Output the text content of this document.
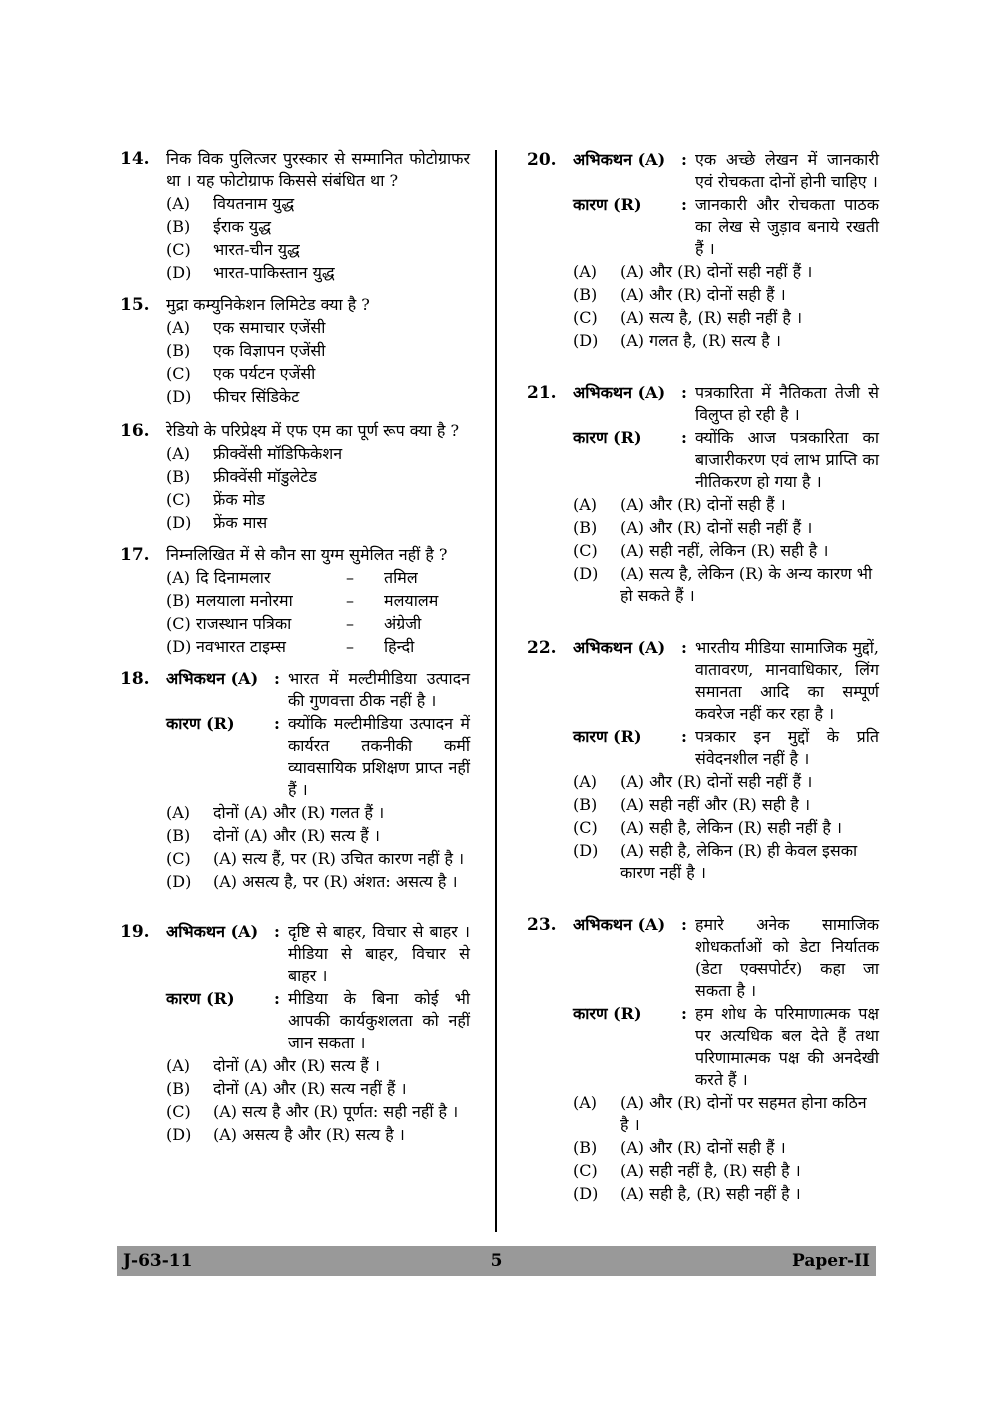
14. निक विक पुलित्जर पुरस्कार से सम्मानित फोटोग्राफर था । यह फोटोग्राफ किससे संबंधित था ?
(A) वियतनाम युद्ध
(B) ईराक युद्ध
(C) भारत-चीन युद्ध
(D) भारत-पाकिस्तान युद्ध
15. मुद्रा कम्युनिकेशन लिमिटेड क्या है ?
(A) एक समाचार एजेंसी
(B) एक विज्ञापन एजेंसी
(C) एक पर्यटन एजेंसी
(D) फीचर सिंडिकेट
16. रेडियो के परिप्रेक्ष्य में एफ एम का पूर्ण रूप क्या है ?
(A) फ्रीक्वेंसी मॉडिफिकेशन
(B) फ्रीक्वेंसी मॉडुलेटेड
(C) फ्रेंक मोड
(D) फ्रेंक मास
17. निम्नलिखित में से कौन सा युग्म सुमेलित नहीं है ?
(A) दि दिनामलार	–	तमिल
(B) मलयाला मनोरमा	–	मलयालम
(C) राजस्थान पत्रिका	–	अंग्रेजी
(D) नवभारत टाइम्स	–	हिन्दी
18. अभिकथन (A) : भारत में मल्टीमीडिया उत्पादन की गुणवत्ता ठीक नहीं है ।
कारण (R) : क्योंकि मल्टीमीडिया उत्पादन में कार्यरत तकनीकी कर्मी व्यावसायिक प्रशिक्षण प्राप्त नहीं हैं ।
(A) दोनों (A) और (R) गलत हैं ।
(B) दोनों (A) और (R) सत्य हैं ।
(C) (A) सत्य हैं, पर (R) उचित कारण नहीं है ।
(D) (A) असत्य है, पर (R) अंशत: असत्य है ।
19. अभिकथन (A) : दृष्टि से बाहर, विचार से बाहर । मीडिया से बाहर, विचार से बाहर ।
कारण (R) : मीडिया के बिना कोई भी आपकी कार्यकुशलता को नहीं जान सकता ।
(A) दोनों (A) और (R) सत्य हैं ।
(B) दोनों (A) और (R) सत्य नहीं हैं ।
(C) (A) सत्य है और (R) पूर्णत: सही नहीं है ।
(D) (A) असत्य है और (R) सत्य है ।
20. अभिकथन (A) : एक अच्छे लेखन में जानकारी एवं रोचकता दोनों होनी चाहिए ।
कारण (R) : जानकारी और रोचकता पाठक का लेख से जुड़ाव बनाये रखती हैं ।
(A) (A) और (R) दोनों सही नहीं हैं ।
(B) (A) और (R) दोनों सही हैं ।
(C) (A) सत्य है, (R) सही नहीं है ।
(D) (A) गलत है, (R) सत्य है ।
21. अभिकथन (A) : पत्रकारिता में नैतिकता तेजी से विलुप्त हो रही है ।
कारण (R) : क्योंकि आज पत्रकारिता का बाजारीकरण एवं लाभ प्राप्ति का नीतिकरण हो गया है ।
(A) (A) और (R) दोनों सही हैं ।
(B) (A) और (R) दोनों सही नहीं हैं ।
(C) (A) सही नहीं, लेकिन (R) सही है ।
(D) (A) सत्य है, लेकिन (R) के अन्य कारण भी हो सकते हैं ।
22. अभिकथन (A) : भारतीय मीडिया सामाजिक मुद्दों, वातावरण, मानवाधिकार, लिंग समानता आदि का सम्पूर्ण कवरेज नहीं कर रहा है ।
कारण (R) : पत्रकार इन मुद्दों के प्रति संवेदनशील नहीं है ।
(A) (A) और (R) दोनों सही नहीं हैं ।
(B) (A) सही नहीं और (R) सही है ।
(C) (A) सही है, लेकिन (R) सही नहीं है ।
(D) (A) सही है, लेकिन (R) ही केवल इसका कारण नहीं है ।
23. अभिकथन (A) : हमारे अनेक सामाजिक शोधकर्ताओं को डेटा निर्यातक (डेटा एक्सपोर्टर) कहा जा सकता है ।
कारण (R) : हम शोध के परिमाणात्मक पक्ष पर अत्यधिक बल देते हैं तथा परिणामात्मक पक्ष की अनदेखी करते हैं ।
(A) (A) और (R) दोनों पर सहमत होना कठिन है ।
(B) (A) और (R) दोनों सही हैं ।
(C) (A) सही नहीं है, (R) सही है ।
(D) (A) सही है, (R) सही नहीं है ।
J-63-11	5	Paper-II
